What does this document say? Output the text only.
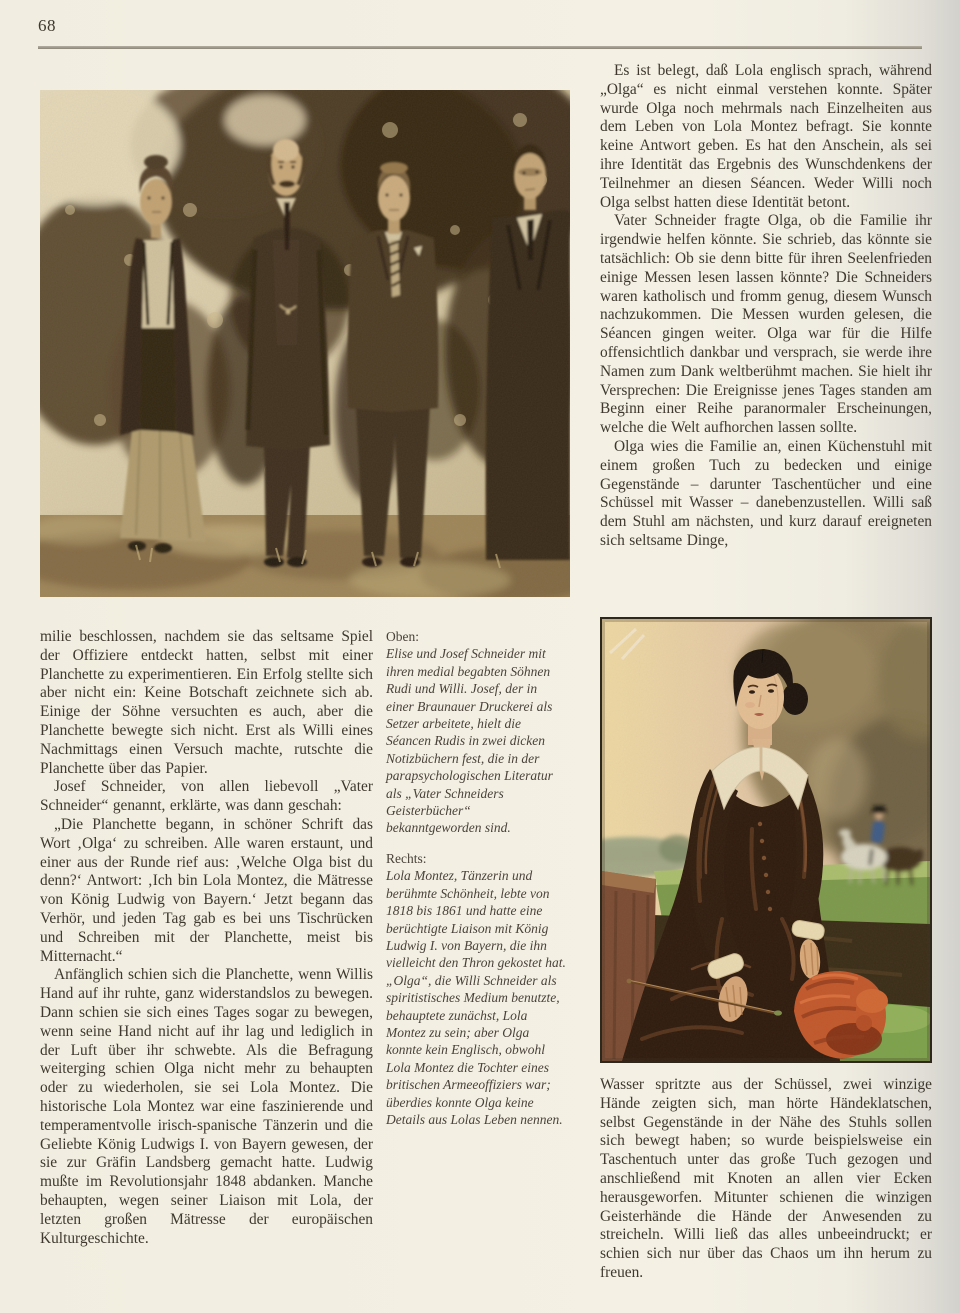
68

Es ist belegt, daß Lola englisch sprach, während „Olga“ es nicht einmal verstehen konnte. Später wurde Olga noch mehrmals nach Einzelheiten aus dem Leben von Lola Montez befragt. Sie konnte keine Antwort geben. Es hat den Anschein, als sei ihre Identität das Ergebnis des Wunschdenkens der Teilnehmer an diesen Séancen. Weder Willi noch Olga selbst hatten diese Identität betont.

Vater Schneider fragte Olga, ob die Familie ihr irgendwie helfen könnte. Sie schrieb, das könnte sie tatsächlich: Ob sie denn bitte für ihren Seelenfrieden einige Messen lesen lassen könnte? Die Schneiders waren katholisch und fromm genug, diesem Wunsch nachzukommen. Die Messen wurden gelesen, die Séancen gingen weiter. Olga war für die Hilfe offensichtlich dankbar und versprach, sie werde ihre Namen zum Dank weltberühmt machen. Sie hielt ihr Versprechen: Die Ereignisse jenes Tages standen am Beginn einer Reihe paranormaler Erscheinungen, welche die Welt aufhorchen lassen sollte.

Olga wies die Familie an, einen Küchenstuhl mit einem großen Tuch zu bedecken und einige Gegenstände – darunter Taschentücher und eine Schüssel mit Wasser – danebenzustellen. Willi saß dem Stuhl am nächsten, und kurz darauf ereigneten sich seltsame Dinge,

Wasser spritzte aus der Schüssel, zwei winzige Hände zeigten sich, man hörte Händeklatschen, selbst Gegenstände in der Nähe des Stuhls sollen sich bewegt haben; so wurde beispielsweise ein Taschentuch unter das große Tuch gezogen und anschließend mit Knoten an allen vier Ecken herausgeworfen. Mitunter schienen die winzigen Geisterhände die Hände der Anwesenden zu streicheln. Willi ließ das alles unbeeindruckt; er schien sich nur über das Chaos um ihn herum zu freuen.

milie beschlossen, nachdem sie das seltsame Spiel der Offiziere entdeckt hatten, selbst mit einer Planchette zu experimentieren. Ein Erfolg stellte sich aber nicht ein: Keine Botschaft zeichnete sich ab. Einige der Söhne versuchten es auch, aber die Planchette bewegte sich nicht. Erst als Willi eines Nachmittags einen Versuch machte, rutschte die Planchette über das Papier.

Josef Schneider, von allen liebevoll „Vater Schneider“ genannt, erklärte, was dann geschah:

„Die Planchette begann, in schöner Schrift das Wort ‚Olga‘ zu schreiben. Alle waren erstaunt, und einer aus der Runde rief aus: ‚Welche Olga bist du denn?‘ Antwort: ‚Ich bin Lola Montez, die Mätresse von König Ludwig von Bayern.‘ Jetzt begann das Verhör, und jeden Tag gab es bei uns Tischrücken und Schreiben mit der Planchette, meist bis Mitternacht.“

Anfänglich schien sich die Planchette, wenn Willis Hand auf ihr ruhte, ganz widerstandslos zu bewegen. Dann schien sie sich eines Tages sogar zu bewegen, wenn seine Hand nicht auf ihr lag und lediglich in der Luft über ihr schwebte. Als die Befragung weiterging schien Olga nicht mehr zu behaupten oder zu wiederholen, sie sei Lola Montez. Die historische Lola Montez war eine faszinierende und temperamentvolle irisch-spanische Tänzerin und die Geliebte König Ludwigs I. von Bayern gewesen, der sie zur Gräfin Landsberg gemacht hatte. Ludwig mußte im Revolutionsjahr 1848 abdanken. Manche behaupten, wegen seiner Liaison mit Lola, der letzten großen Mätresse der europäischen Kulturgeschichte.

Oben:
Elise und Josef Schneider mit ihren medial begabten Söhnen Rudi und Willi. Josef, der in einer Braunauer Druckerei als Setzer arbeitete, hielt die Séancen Rudis in zwei dicken Notizbüchern fest, die in der parapsychologischen Literatur als „Vater Schneiders Geisterbücher“ bekanntgeworden sind.
Rechts:
Lola Montez, Tänzerin und berühmte Schönheit, lebte von 1818 bis 1861 und hatte eine berüchtigte Liaison mit König Ludwig I. von Bayern, die ihn vielleicht den Thron gekostet hat. „Olga“, die Willi Schneider als spiritistisches Medium benutzte, behauptete zunächst, Lola Montez zu sein; aber Olga konnte kein Englisch, obwohl Lola Montez die Tochter eines britischen Armeeoffiziers war; überdies konnte Olga keine Details aus Lolas Leben nennen.
